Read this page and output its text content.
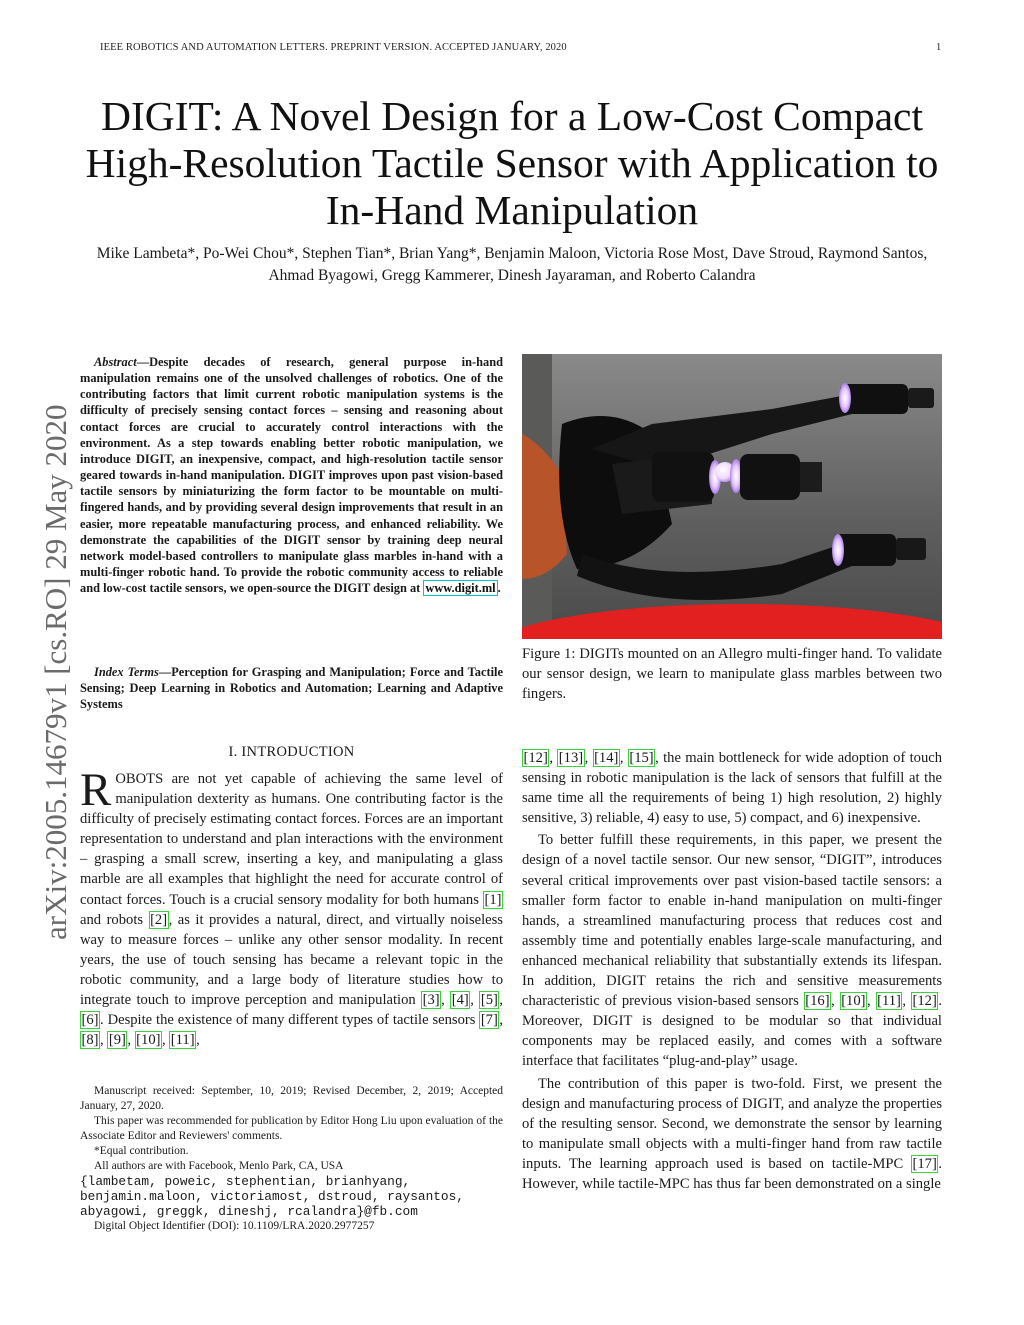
IEEE ROBOTICS AND AUTOMATION LETTERS. PREPRINT VERSION. ACCEPTED JANUARY, 2020	1
DIGIT: A Novel Design for a Low-Cost Compact High-Resolution Tactile Sensor with Application to In-Hand Manipulation
Mike Lambeta*, Po-Wei Chou*, Stephen Tian*, Brian Yang*, Benjamin Maloon, Victoria Rose Most, Dave Stroud, Raymond Santos, Ahmad Byagowi, Gregg Kammerer, Dinesh Jayaraman, and Roberto Calandra
arXiv:2005.14679v1 [cs.RO] 29 May 2020
Abstract—Despite decades of research, general purpose in-hand manipulation remains one of the unsolved challenges of robotics. One of the contributing factors that limit current robotic manipulation systems is the difficulty of precisely sensing contact forces – sensing and reasoning about contact forces are crucial to accurately control interactions with the environment. As a step towards enabling better robotic manipulation, we introduce DIGIT, an inexpensive, compact, and high-resolution tactile sensor geared towards in-hand manipulation. DIGIT improves upon past vision-based tactile sensors by miniaturizing the form factor to be mountable on multi-fingered hands, and by providing several design improvements that result in an easier, more repeatable manufacturing process, and enhanced reliability. We demonstrate the capabilities of the DIGIT sensor by training deep neural network model-based controllers to manipulate glass marbles in-hand with a multi-finger robotic hand. To provide the robotic community access to reliable and low-cost tactile sensors, we open-source the DIGIT design at www.digit.ml .
Index Terms—Perception for Grasping and Manipulation; Force and Tactile Sensing; Deep Learning in Robotics and Automation; Learning and Adaptive Systems
I. INTRODUCTION

ROBOTS are not yet capable of achieving the same level of manipulation dexterity as humans. One contributing factor is the difficulty of precisely estimating contact forces. Forces are an important representation to understand and plan interactions with the environment – grasping a small screw, inserting a key, and manipulating a glass marble are all examples that highlight the need for accurate control of contact forces. Touch is a crucial sensory modality for both humans [1] and robots [2] , as it provides a natural, direct, and virtually noiseless way to measure forces – unlike any other sensor modality. In recent years, the use of touch sensing has became a relevant topic in the robotic community, and a large body of literature studies how to integrate touch to improve perception and manipulation [3] , [4] , [5] , [6] . Despite the existence of many different types of tactile sensors [7] , [8] , [9] , [10] , [11] ,

Manuscript received: September, 10, 2019; Revised December, 2, 2019; Accepted January, 27, 2020.

This paper was recommended for publication by Editor Hong Liu upon evaluation of the Associate Editor and Reviewers' comments.

*Equal contribution.

All authors are with Facebook, Menlo Park, CA, USA

{lambetam, poweic, stephentian, brianhyang, benjamin.maloon, victoriamost, dstroud, raysantos, abyagowi, greggk, dineshj, rcalandra}@fb.com

Digital Object Identifier (DOI): 10.1109/LRA.2020.2977257

Figure 1: DIGITs mounted on an Allegro multi-finger hand. To validate our sensor design, we learn to manipulate glass marbles between two fingers.

[12] , [13] , [14] , [15] , the main bottleneck for wide adoption of touch sensing in robotic manipulation is the lack of sensors that fulfill at the same time all the requirements of being 1) high resolution, 2) highly sensitive, 3) reliable, 4) easy to use, 5) compact, and 6) inexpensive.

To better fulfill these requirements, in this paper, we present the design of a novel tactile sensor. Our new sensor, “DIGIT”, introduces several critical improvements over past vision-based tactile sensors: a smaller form factor to enable in-hand manipulation on multi-finger hands, a streamlined manufacturing process that reduces cost and assembly time and potentially enables large-scale manufacturing, and enhanced mechanical reliability that substantially extends its lifespan. In addition, DIGIT retains the rich and sensitive measurements characteristic of previous vision-based sensors [16] , [10] , [11] , [12] . Moreover, DIGIT is designed to be modular so that individual components may be replaced easily, and comes with a software interface that facilitates “plug-and-play” usage.

The contribution of this paper is two-fold. First, we present the design and manufacturing process of DIGIT, and analyze the properties of the resulting sensor. Second, we demonstrate the sensor by learning to manipulate small objects with a multi-finger hand from raw tactile inputs. The learning approach used is based on tactile-MPC [17] . However, while tactile-MPC has thus far been demonstrated on a single
